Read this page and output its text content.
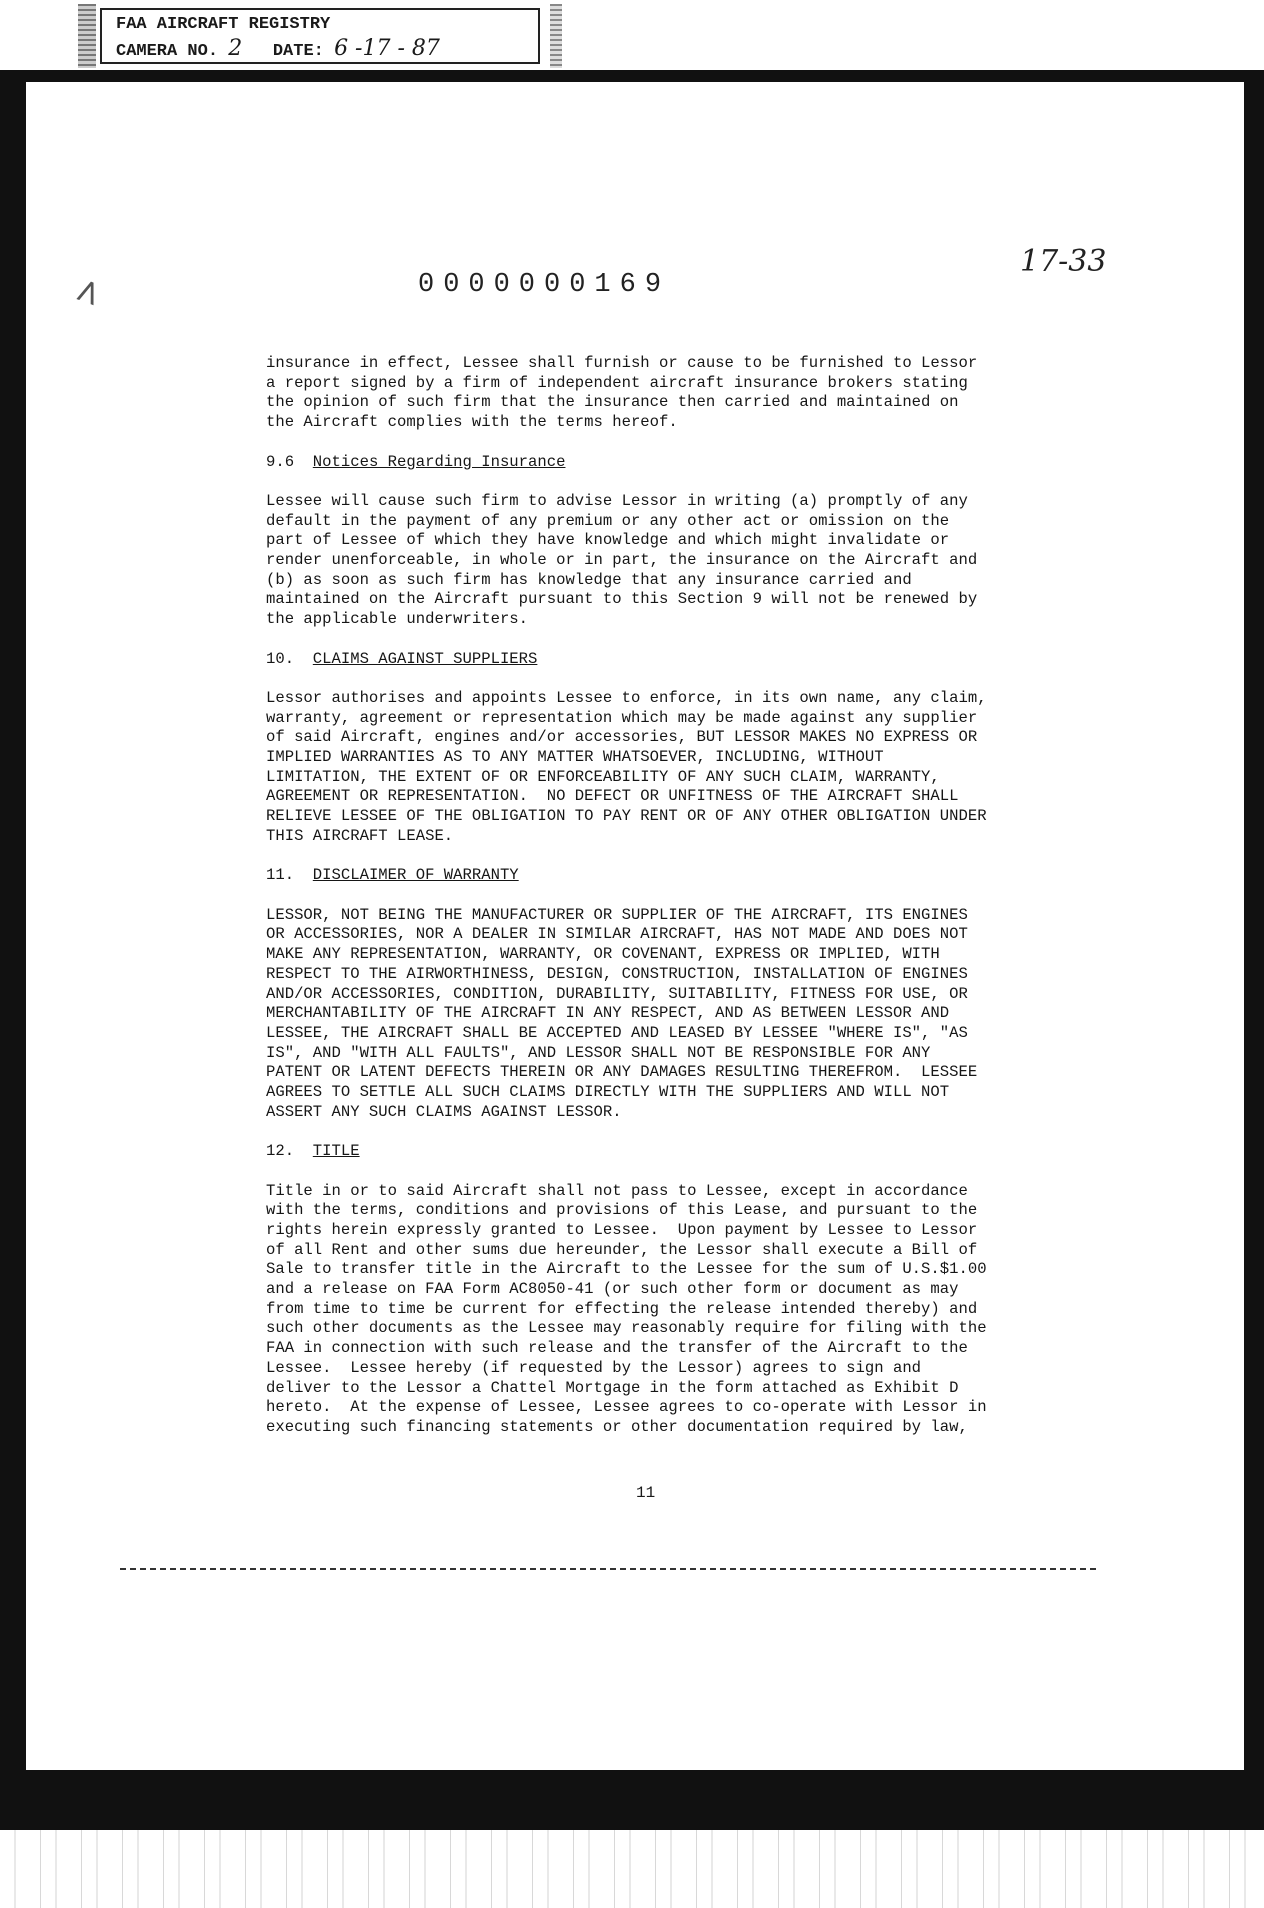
FAA AIRCRAFT REGISTRY
CAMERA NO. 2 DATE: 6 -17 - 87
>	0000000169
17-33
insurance in effect, Lessee shall furnish or cause to be furnished to Lessor
a report signed by a firm of independent aircraft insurance brokers stating
the opinion of such firm that the insurance then carried and maintained on
the Aircraft complies with the terms hereof.

9.6 Notices Regarding Insurance

Lessee will cause such firm to advise Lessor in writing (a) promptly of any
default in the payment of any premium or any other act or omission on the
part of Lessee of which they have knowledge and which might invalidate or
render unenforceable, in whole or in part, the insurance on the Aircraft and
(b) as soon as such firm has knowledge that any insurance carried and
maintained on the Aircraft pursuant to this Section 9 will not be renewed by
the applicable underwriters.

10. CLAIMS AGAINST SUPPLIERS

Lessor authorises and appoints Lessee to enforce, in its own name, any claim,
warranty, agreement or representation which may be made against any supplier
of said Aircraft, engines and/or accessories, BUT LESSOR MAKES NO EXPRESS OR
IMPLIED WARRANTIES AS TO ANY MATTER WHATSOEVER, INCLUDING, WITHOUT
LIMITATION, THE EXTENT OF OR ENFORCEABILITY OF ANY SUCH CLAIM, WARRANTY,
AGREEMENT OR REPRESENTATION.  NO DEFECT OR UNFITNESS OF THE AIRCRAFT SHALL
RELIEVE LESSEE OF THE OBLIGATION TO PAY RENT OR OF ANY OTHER OBLIGATION UNDER
THIS AIRCRAFT LEASE.

11. DISCLAIMER OF WARRANTY

LESSOR, NOT BEING THE MANUFACTURER OR SUPPLIER OF THE AIRCRAFT, ITS ENGINES
OR ACCESSORIES, NOR A DEALER IN SIMILAR AIRCRAFT, HAS NOT MADE AND DOES NOT
MAKE ANY REPRESENTATION, WARRANTY, OR COVENANT, EXPRESS OR IMPLIED, WITH
RESPECT TO THE AIRWORTHINESS, DESIGN, CONSTRUCTION, INSTALLATION OF ENGINES
AND/OR ACCESSORIES, CONDITION, DURABILITY, SUITABILITY, FITNESS FOR USE, OR
MERCHANTABILITY OF THE AIRCRAFT IN ANY RESPECT, AND AS BETWEEN LESSOR AND
LESSEE, THE AIRCRAFT SHALL BE ACCEPTED AND LEASED BY LESSEE "WHERE IS", "AS
IS", AND "WITH ALL FAULTS", AND LESSOR SHALL NOT BE RESPONSIBLE FOR ANY
PATENT OR LATENT DEFECTS THEREIN OR ANY DAMAGES RESULTING THEREFROM.  LESSEE
AGREES TO SETTLE ALL SUCH CLAIMS DIRECTLY WITH THE SUPPLIERS AND WILL NOT
ASSERT ANY SUCH CLAIMS AGAINST LESSOR.

12. TITLE

Title in or to said Aircraft shall not pass to Lessee, except in accordance
with the terms, conditions and provisions of this Lease, and pursuant to the
rights herein expressly granted to Lessee.  Upon payment by Lessee to Lessor
of all Rent and other sums due hereunder, the Lessor shall execute a Bill of
Sale to transfer title in the Aircraft to the Lessee for the sum of U.S.$1.00
and a release on FAA Form AC8050-41 (or such other form or document as may
from time to time be current for effecting the release intended thereby) and
such other documents as the Lessee may reasonably require for filing with the
FAA in connection with such release and the transfer of the Aircraft to the
Lessee.  Lessee hereby (if requested by the Lessor) agrees to sign and
deliver to the Lessor a Chattel Mortgage in the form attached as Exhibit D
hereto.  At the expense of Lessee, Lessee agrees to co-operate with Lessor in
executing such financing statements or other documentation required by law,
11
